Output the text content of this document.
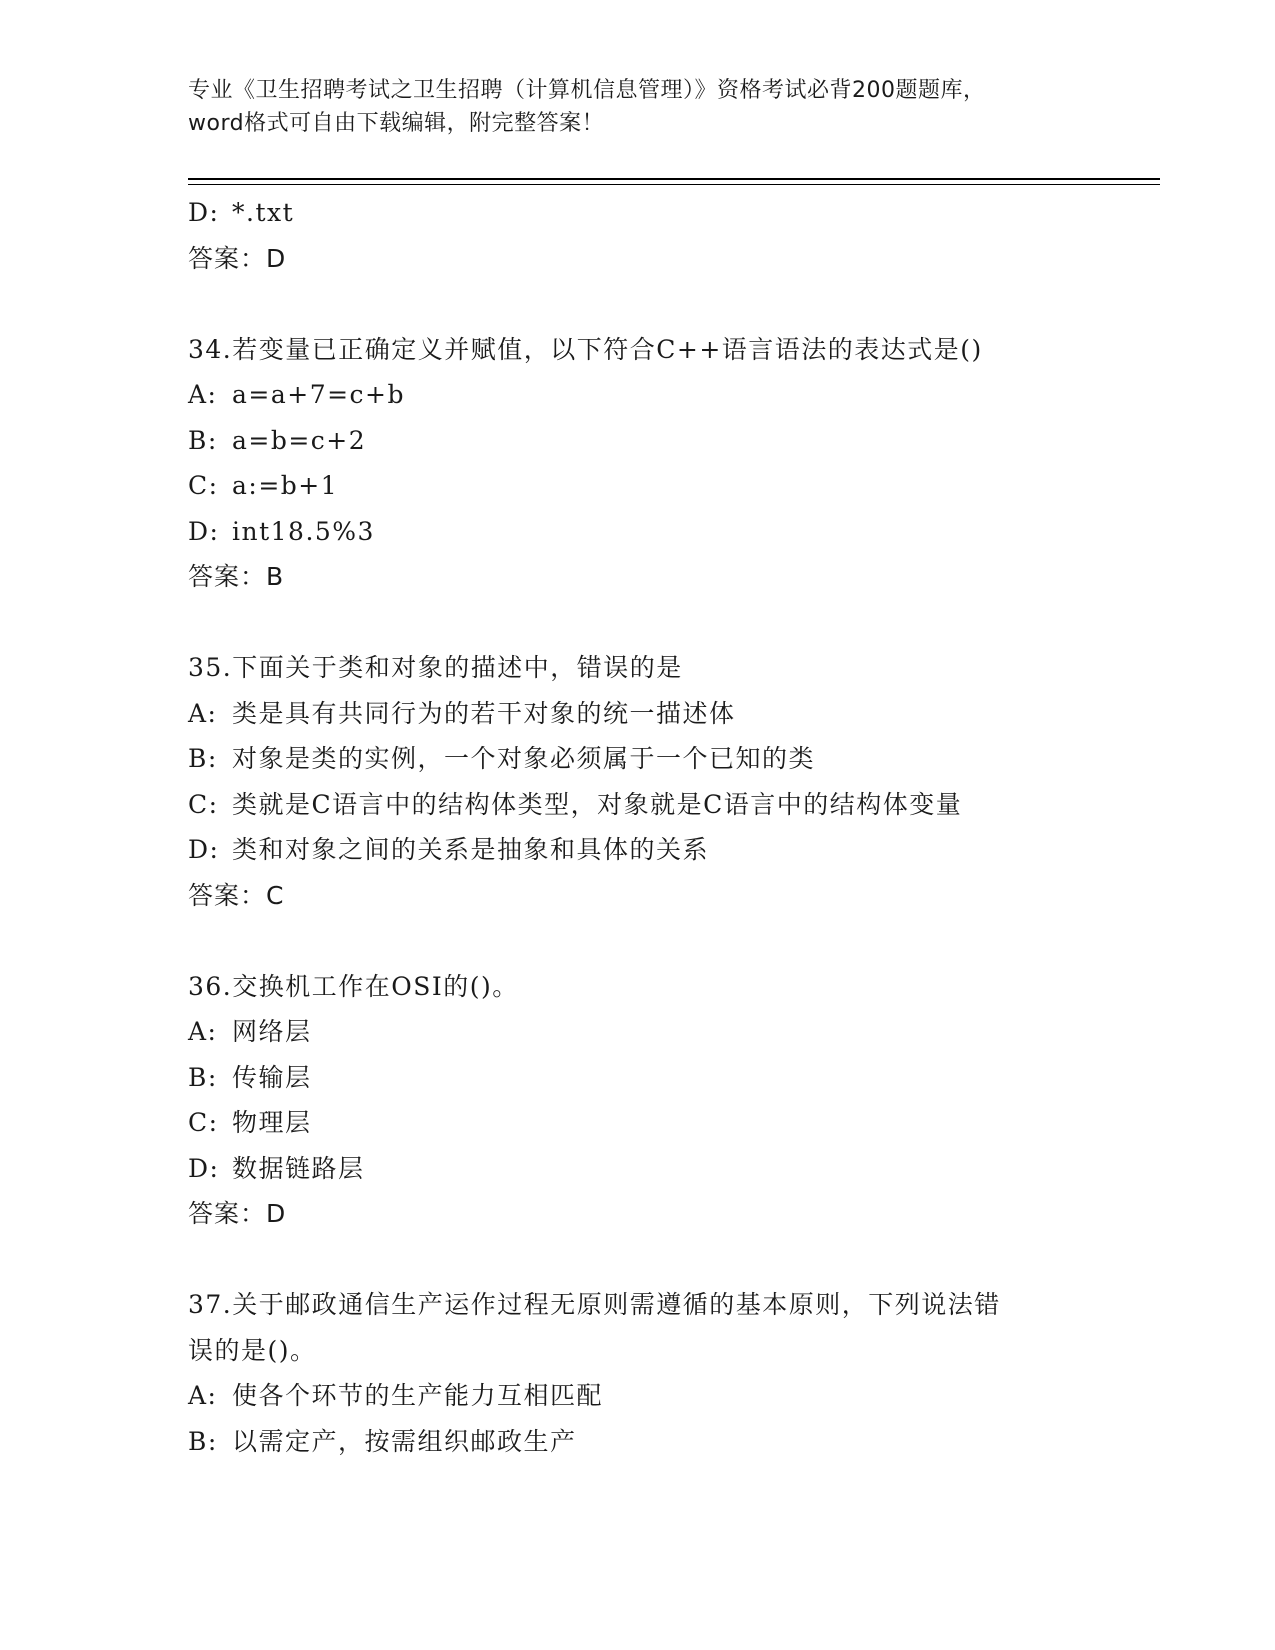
专业《卫生招聘考试之卫生招聘（计算机信息管理）》资格考试必背200题题库，
word格式可自由下载编辑，附完整答案！
D: *.txt
答案：D
34.若变量已正确定义并赋值，以下符合C++语言语法的表达式是()
A: a=a+7=c+b
B: a=b=c+2
C: a:=b+1
D: int18.5%3
答案：B
35.下面关于类和对象的描述中，错误的是
A: 类是具有共同行为的若干对象的统一描述体
B: 对象是类的实例，一个对象必须属于一个已知的类
C: 类就是C语言中的结构体类型，对象就是C语言中的结构体变量
D: 类和对象之间的关系是抽象和具体的关系
答案：C
36.交换机工作在OSI的()。
A: 网络层
B: 传输层
C: 物理层
D: 数据链路层
答案：D
37.关于邮政通信生产运作过程无原则需遵循的基本原则，下列说法错
误的是()。
A: 使各个环节的生产能力互相匹配
B: 以需定产，按需组织邮政生产
